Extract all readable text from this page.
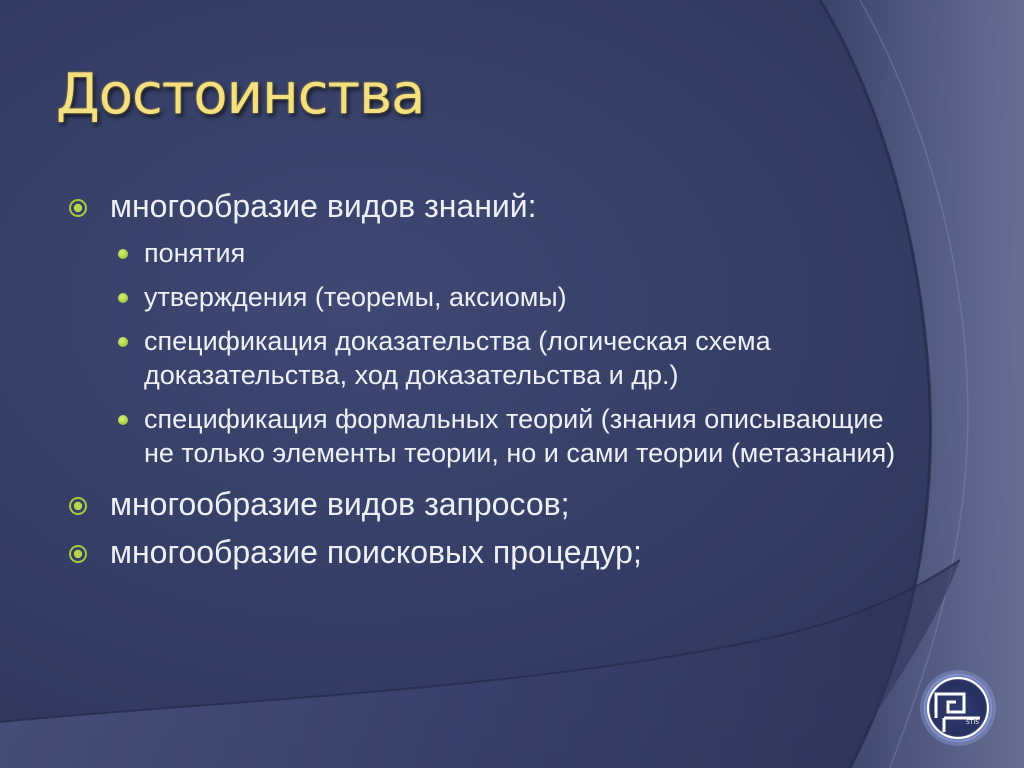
Достоинства
многообразие видов знаний:
понятия
утверждения (теоремы, аксиомы)
спецификация доказательства (логическая схема доказательства, ход доказательства и др.)
спецификация формальных теорий (знания описывающие не только элементы теории, но и сами теории (метазнания)
многообразие видов запросов;
многообразие поисковых процедур;
STIS
